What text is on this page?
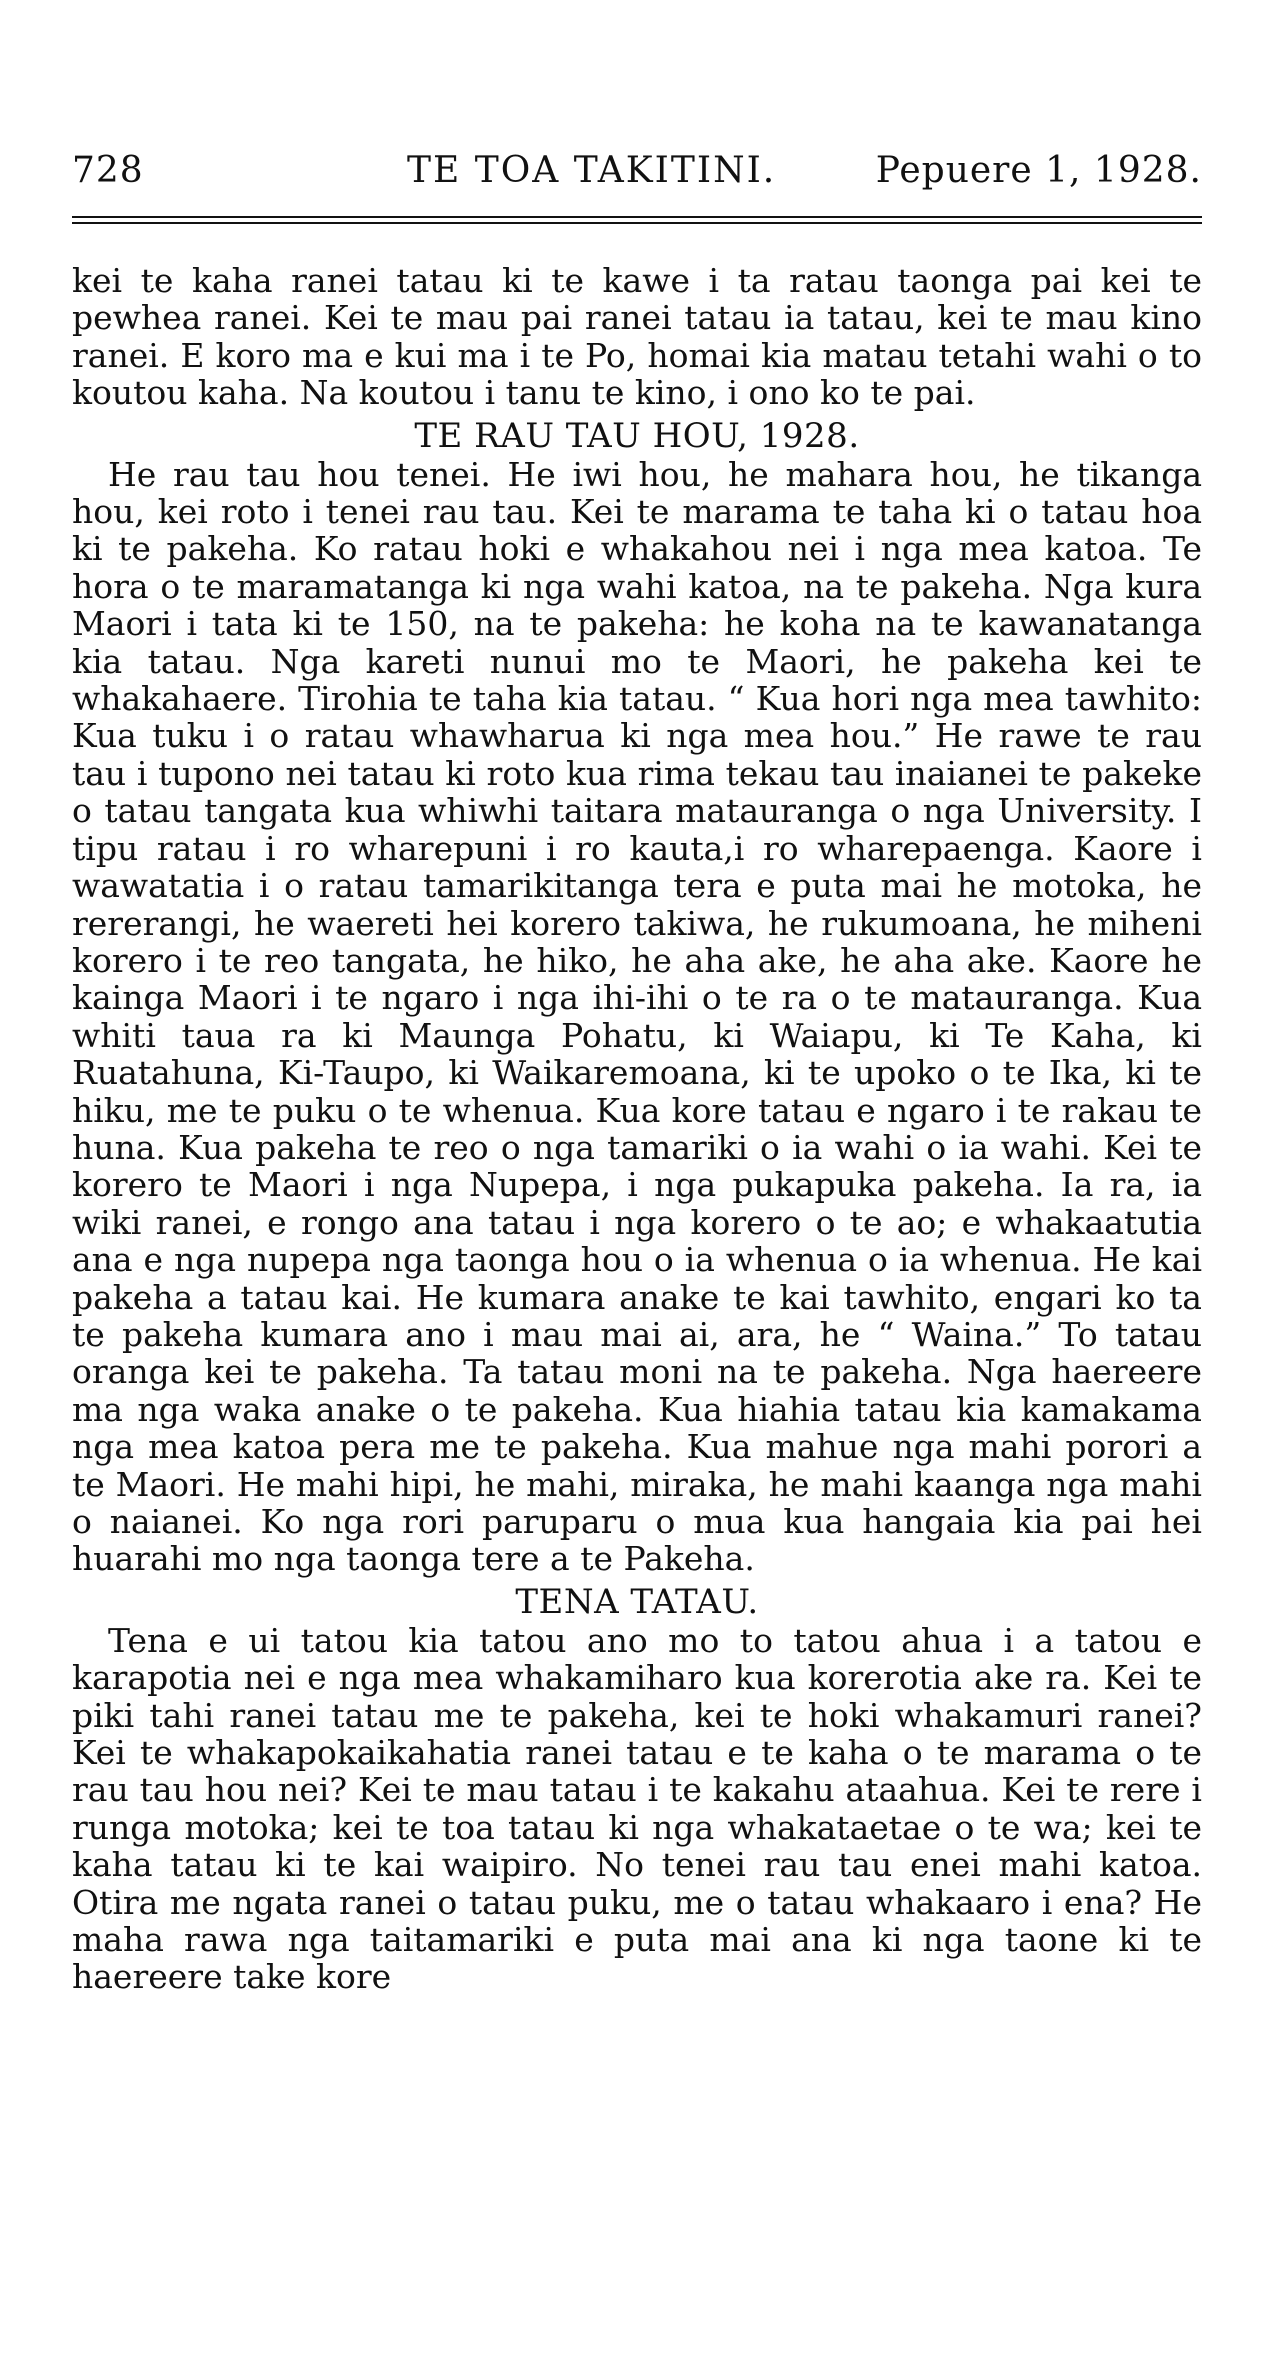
728	TE TOA TAKITINI.	Pepuere 1, 1928.

kei te kaha ranei tatau ki te kawe i ta ratau taonga pai kei te pewhea ranei. Kei te mau pai ranei tatau ia tatau, kei te mau kino ranei. E koro ma e kui ma i te Po, homai kia matau tetahi wahi o to koutou kaha. Na koutou i tanu te kino, i ono ko te pai.

TE RAU TAU HOU, 1928.

He rau tau hou tenei. He iwi hou, he mahara hou, he tikanga hou, kei roto i tenei rau tau. Kei te marama te taha ki o tatau hoa ki te pakeha. Ko ratau hoki e whakahou nei i nga mea katoa. Te hora o te maramatanga ki nga wahi katoa, na te pakeha. Nga kura Maori i tata ki te 150, na te pakeha: he koha na te kawanatanga kia tatau. Nga kareti nunui mo te Maori, he pakeha kei te whakahaere. Tirohia te taha kia tatau. “ Kua hori nga mea tawhito: Kua tuku i o ratau whawharua ki nga mea hou.” He rawe te rau tau i tupono nei tatau ki roto kua rima tekau tau inaianei te pakeke o tatau tangata kua whiwhi taitara matauranga o nga University. I tipu ratau i ro wharepuni i ro kauta,i ro wharepaenga. Kaore i wawatatia i o ratau tamarikitanga tera e puta mai he motoka, he rererangi, he waereti hei korero takiwa, he rukumoana, he miheni korero i te reo tangata, he hiko, he aha ake, he aha ake. Kaore he kainga Maori i te ngaro i nga ihi-ihi o te ra o te matauranga. Kua whiti taua ra ki Maunga Pohatu, ki Waiapu, ki Te Kaha, ki Ruatahuna, Ki-Taupo, ki Waikaremoana, ki te upoko o te Ika, ki te hiku, me te puku o te whenua. Kua kore tatau e ngaro i te rakau te huna. Kua pakeha te reo o nga tamariki o ia wahi o ia wahi. Kei te korero te Maori i nga Nupepa, i nga pukapuka pakeha. Ia ra, ia wiki ranei, e rongo ana tatau i nga korero o te ao; e whakaatutia ana e nga nupepa nga taonga hou o ia whenua o ia whenua. He kai pakeha a tatau kai. He kumara anake te kai tawhito, engari ko ta te pakeha kumara ano i mau mai ai, ara, he “ Waina.” To tatau oranga kei te pakeha. Ta tatau moni na te pakeha. Nga haereere ma nga waka anake o te pakeha. Kua hiahia tatau kia kamakama nga mea katoa pera me te pakeha. Kua mahue nga mahi porori a te Maori. He mahi hipi, he mahi, miraka, he mahi kaanga nga mahi o naianei. Ko nga rori paruparu o mua kua hangaia kia pai hei huarahi mo nga taonga tere a te Pakeha.

TENA TATAU.

Tena e ui tatou kia tatou ano mo to tatou ahua i a tatou e karapotia nei e nga mea whakamiharo kua korerotia ake ra. Kei te piki tahi ranei tatau me te pakeha, kei te hoki whakamuri ranei? Kei te whakapokaikahatia ranei tatau e te kaha o te marama o te rau tau hou nei? Kei te mau tatau i te kakahu ataahua. Kei te rere i runga motoka; kei te toa tatau ki nga whakataetae o te wa; kei te kaha tatau ki te kai waipiro. No tenei rau tau enei mahi katoa. Otira me ngata ranei o tatau puku, me o tatau whakaaro i ena? He maha rawa nga taitamariki e puta mai ana ki nga taone ki te haereere take kore
